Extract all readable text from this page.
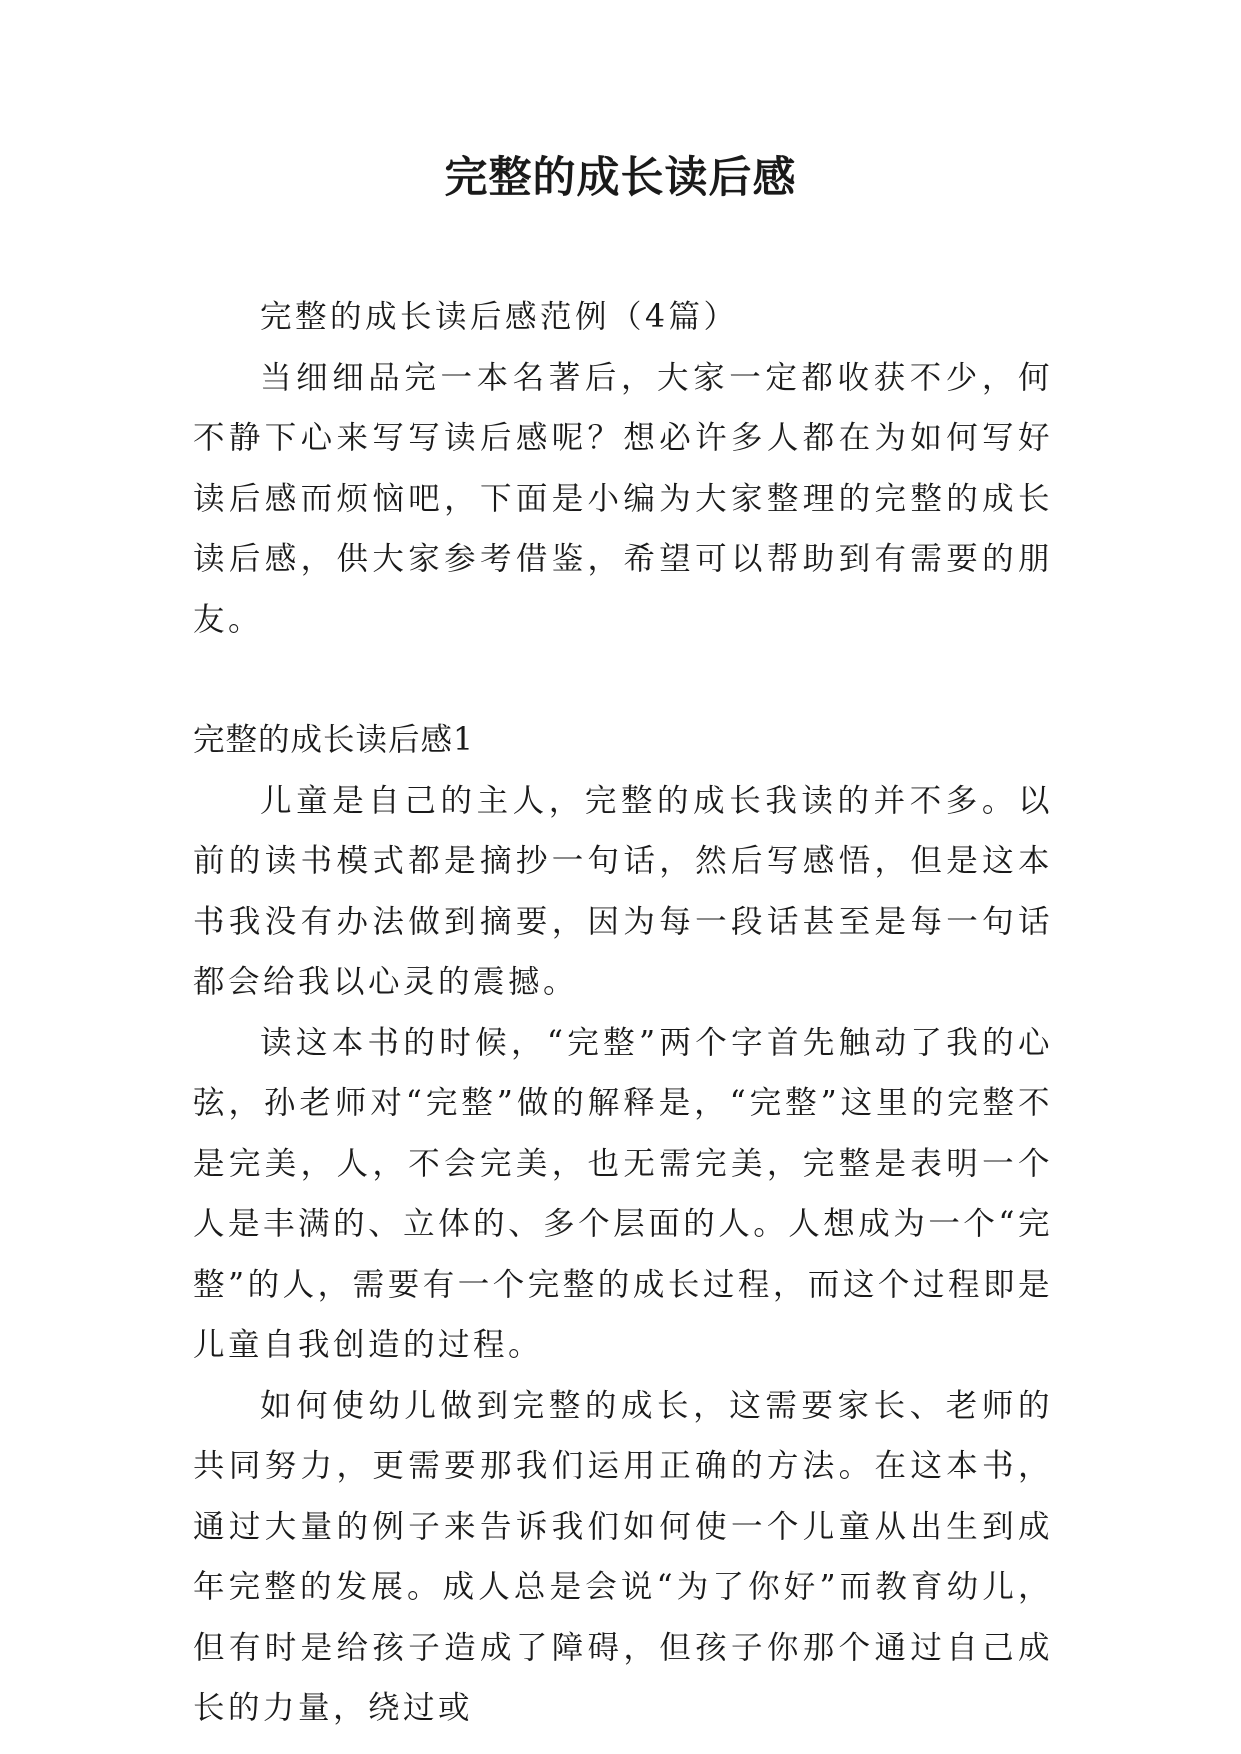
完整的成长读后感

完整的成长读后感范例（4篇）

当细细品完一本名著后，大家一定都收获不少，何不静下心来写写读后感呢？想必许多人都在为如何写好读后感而烦恼吧，下面是小编为大家整理的完整的成长读后感，供大家参考借鉴，希望可以帮助到有需要的朋友。

完整的成长读后感1

儿童是自己的主人，完整的成长我读的并不多。以前的读书模式都是摘抄一句话，然后写感悟，但是这本书我没有办法做到摘要，因为每一段话甚至是每一句话都会给我以心灵的震撼。

读这本书的时候，“完整”两个字首先触动了我的心弦，孙老师对“完整”做的解释是，“完整”这里的完整不是完美，人，不会完美，也无需完美，完整是表明一个人是丰满的、立体的、多个层面的人。人想成为一个“完整”的人，需要有一个完整的成长过程，而这个过程即是儿童自我创造的过程。

如何使幼儿做到完整的成长，这需要家长、老师的共同努力，更需要那我们运用正确的方法。在这本书，通过大量的例子来告诉我们如何使一个儿童从出生到成年完整的发展。成人总是会说“为了你好”而教育幼儿，但有时是给孩子造成了障碍，但孩子你那个通过自己成长的力量，绕过或
